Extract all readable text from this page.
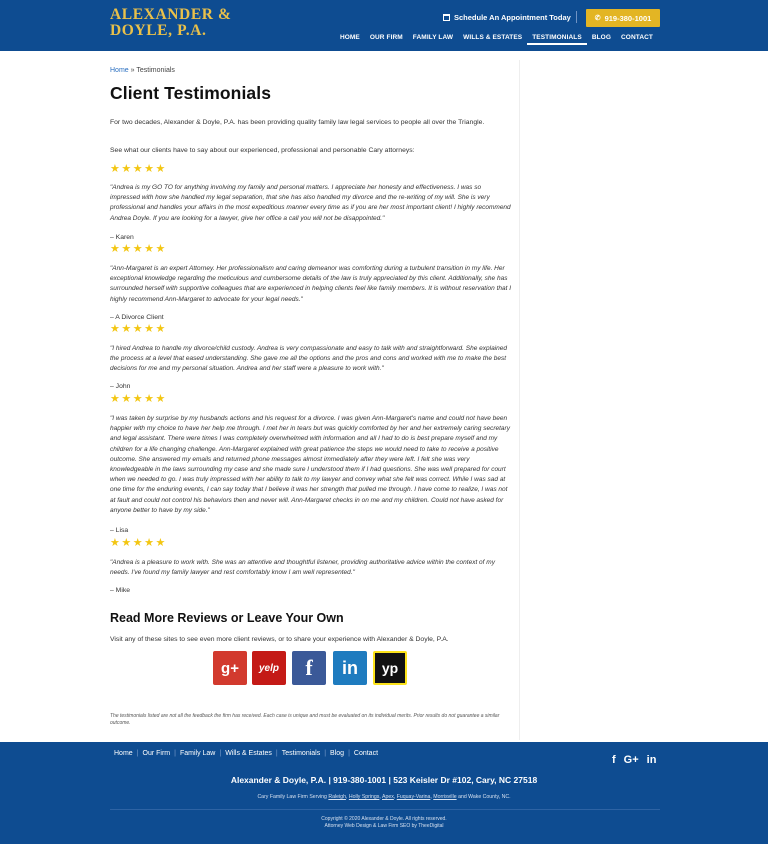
ALEXANDER &
DOYLE, P.A.
Schedule An Appointment Today	✆ 919-380-1001
HOME	OUR FIRM	FAMILY LAW	WILLS & ESTATES	TESTIMONIALS	BLOG	CONTACT
Home » Testimonials
Client Testimonials
For two decades, Alexander & Doyle, P.A. has been providing quality family law legal services to people all over the Triangle.
See what our clients have to say about our experienced, professional and personable Cary attorneys:
★★★★★
"Andrea is my GO TO for anything involving my family and personal matters. I appreciate her honesty and effectiveness. I was so impressed with how she handled my legal separation, that she has also handled my divorce and the re-writing of my will. She is very professional and handles your affairs in the most expeditious manner every time as if you are her most important client! I highly recommend Andrea Doyle. If you are looking for a lawyer, give her office a call you will not be disappointed."
– Karen
★★★★★
"Ann-Margaret is an expert Attorney. Her professionalism and caring demeanor was comforting during a turbulent transition in my life. Her exceptional knowledge regarding the meticulous and cumbersome details of the law is truly appreciated by this client. Additionally, she has surrounded herself with supportive colleagues that are experienced in helping clients feel like family members. It is without reservation that I highly recommend Ann-Margaret to advocate for your legal needs."
– A Divorce Client
★★★★★
"I hired Andrea to handle my divorce/child custody. Andrea is very compassionate and easy to talk with and straightforward. She explained the process at a level that eased understanding. She gave me all the options and the pros and cons and worked with me to make the best decisions for me and my personal situation. Andrea and her staff were a pleasure to work with."
– John
★★★★★
"I was taken by surprise by my husbands actions and his request for a divorce. I was given Ann-Margaret's name and could not have been happier with my choice to have her help me through. I met her in tears but was quickly comforted by her and her extremely caring secretary and legal assistant. There were times I was completely overwhelmed with information and all I had to do is best prepare myself and my children for a life changing challenge. Ann-Margaret explained with great patience the steps we would need to take to receive a positive outcome. She answered my emails and returned phone messages almost immediately after they were left. I felt she was very knowledgeable in the laws surrounding my case and she made sure I understood them if I had questions. She was well prepared for court when we needed to go. I was truly impressed with her ability to talk to my lawyer and convey what she felt was correct. While I was sad at one time for the enduring events, I can say today that I believe it was her strength that pulled me through. I have come to realize, I was not at fault and could not control his behaviors then and never will. Ann-Margaret checks in on me and my children. Could not have asked for anyone better to have by my side."
– Lisa
★★★★★
"Andrea is a pleasure to work with. She was an attentive and thoughtful listener, providing authoritative advice within the context of my needs. I've found my family lawyer and rest comfortably know I am well represented."
– Mike
Read More Reviews or Leave Your Own
Visit any of these sites to see even more client reviews, or to share your experience with Alexander & Doyle, P.A.
g+	yelp	f	in	yp
The testimonials listed are not all the feedback the firm has received. Each case is unique and must be evaluated on its individual merits. Prior results do not guarantee a similar outcome.
Home | Our Firm | Family Law | Wills & Estates | Testimonials | Blog | Contact
f G+ in
Alexander & Doyle, P.A. | 919-380-1001 | 523 Keisler Dr #102, Cary, NC 27518
Cary Family Law Firm Serving Raleigh, Holly Springs, Apex, Fuquay-Varina, Morrisville and Wake County, NC.
Copyright © 2020 Alexander & Doyle. All rights reserved.
Attorney Web Design & Law Firm SEO by TheeDigital
